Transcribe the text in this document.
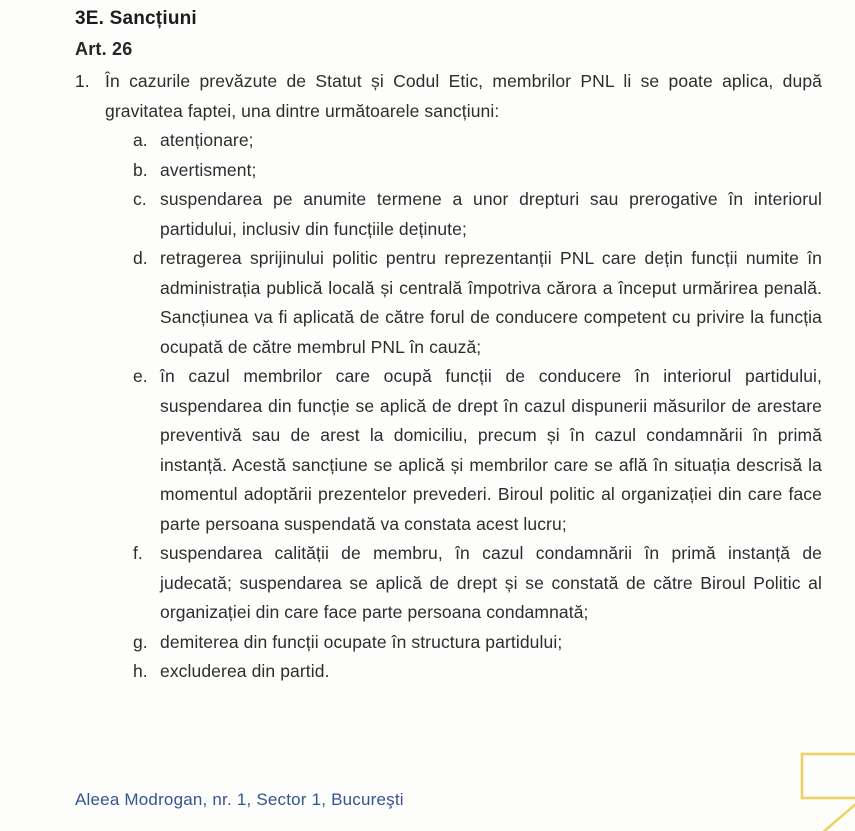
3E. Sancțiuni
Art. 26
1. În cazurile prevăzute de Statut și Codul Etic, membrilor PNL li se poate aplica, după gravitatea faptei, una dintre următoarele sancțiuni:
a. atenționare;
b. avertisment;
c. suspendarea pe anumite termene a unor drepturi sau prerogative în interiorul partidului, inclusiv din funcțiile deținute;
d. retragerea sprijinului politic pentru reprezentanții PNL care dețin funcții numite în administrația publică locală și centrală împotriva cărora a început urmărirea penală. Sancțiunea va fi aplicată de către forul de conducere competent cu privire la funcția ocupată de către membrul PNL în cauză;
e. în cazul membrilor care ocupă funcții de conducere în interiorul partidului, suspendarea din funcție se aplică de drept în cazul dispunerii măsurilor de arestare preventivă sau de arest la domiciliu, precum și în cazul condamnării în primă instanță. Acestă sancțiune se aplică și membrilor care se află în situația descrisă la momentul adoptării prezentelor prevederi. Biroul politic al organizației din care face parte persoana suspendată va constata acest lucru;
f. suspendarea calității de membru, în cazul condamnării în primă instanță de judecată; suspendarea se aplică de drept și se constată de către Biroul Politic al organizației din care face parte persoana condamnată;
g. demiterea din funcții ocupate în structura partidului;
h. excluderea din partid.
Aleea Modrogan, nr. 1, Sector 1, Bucureşti
